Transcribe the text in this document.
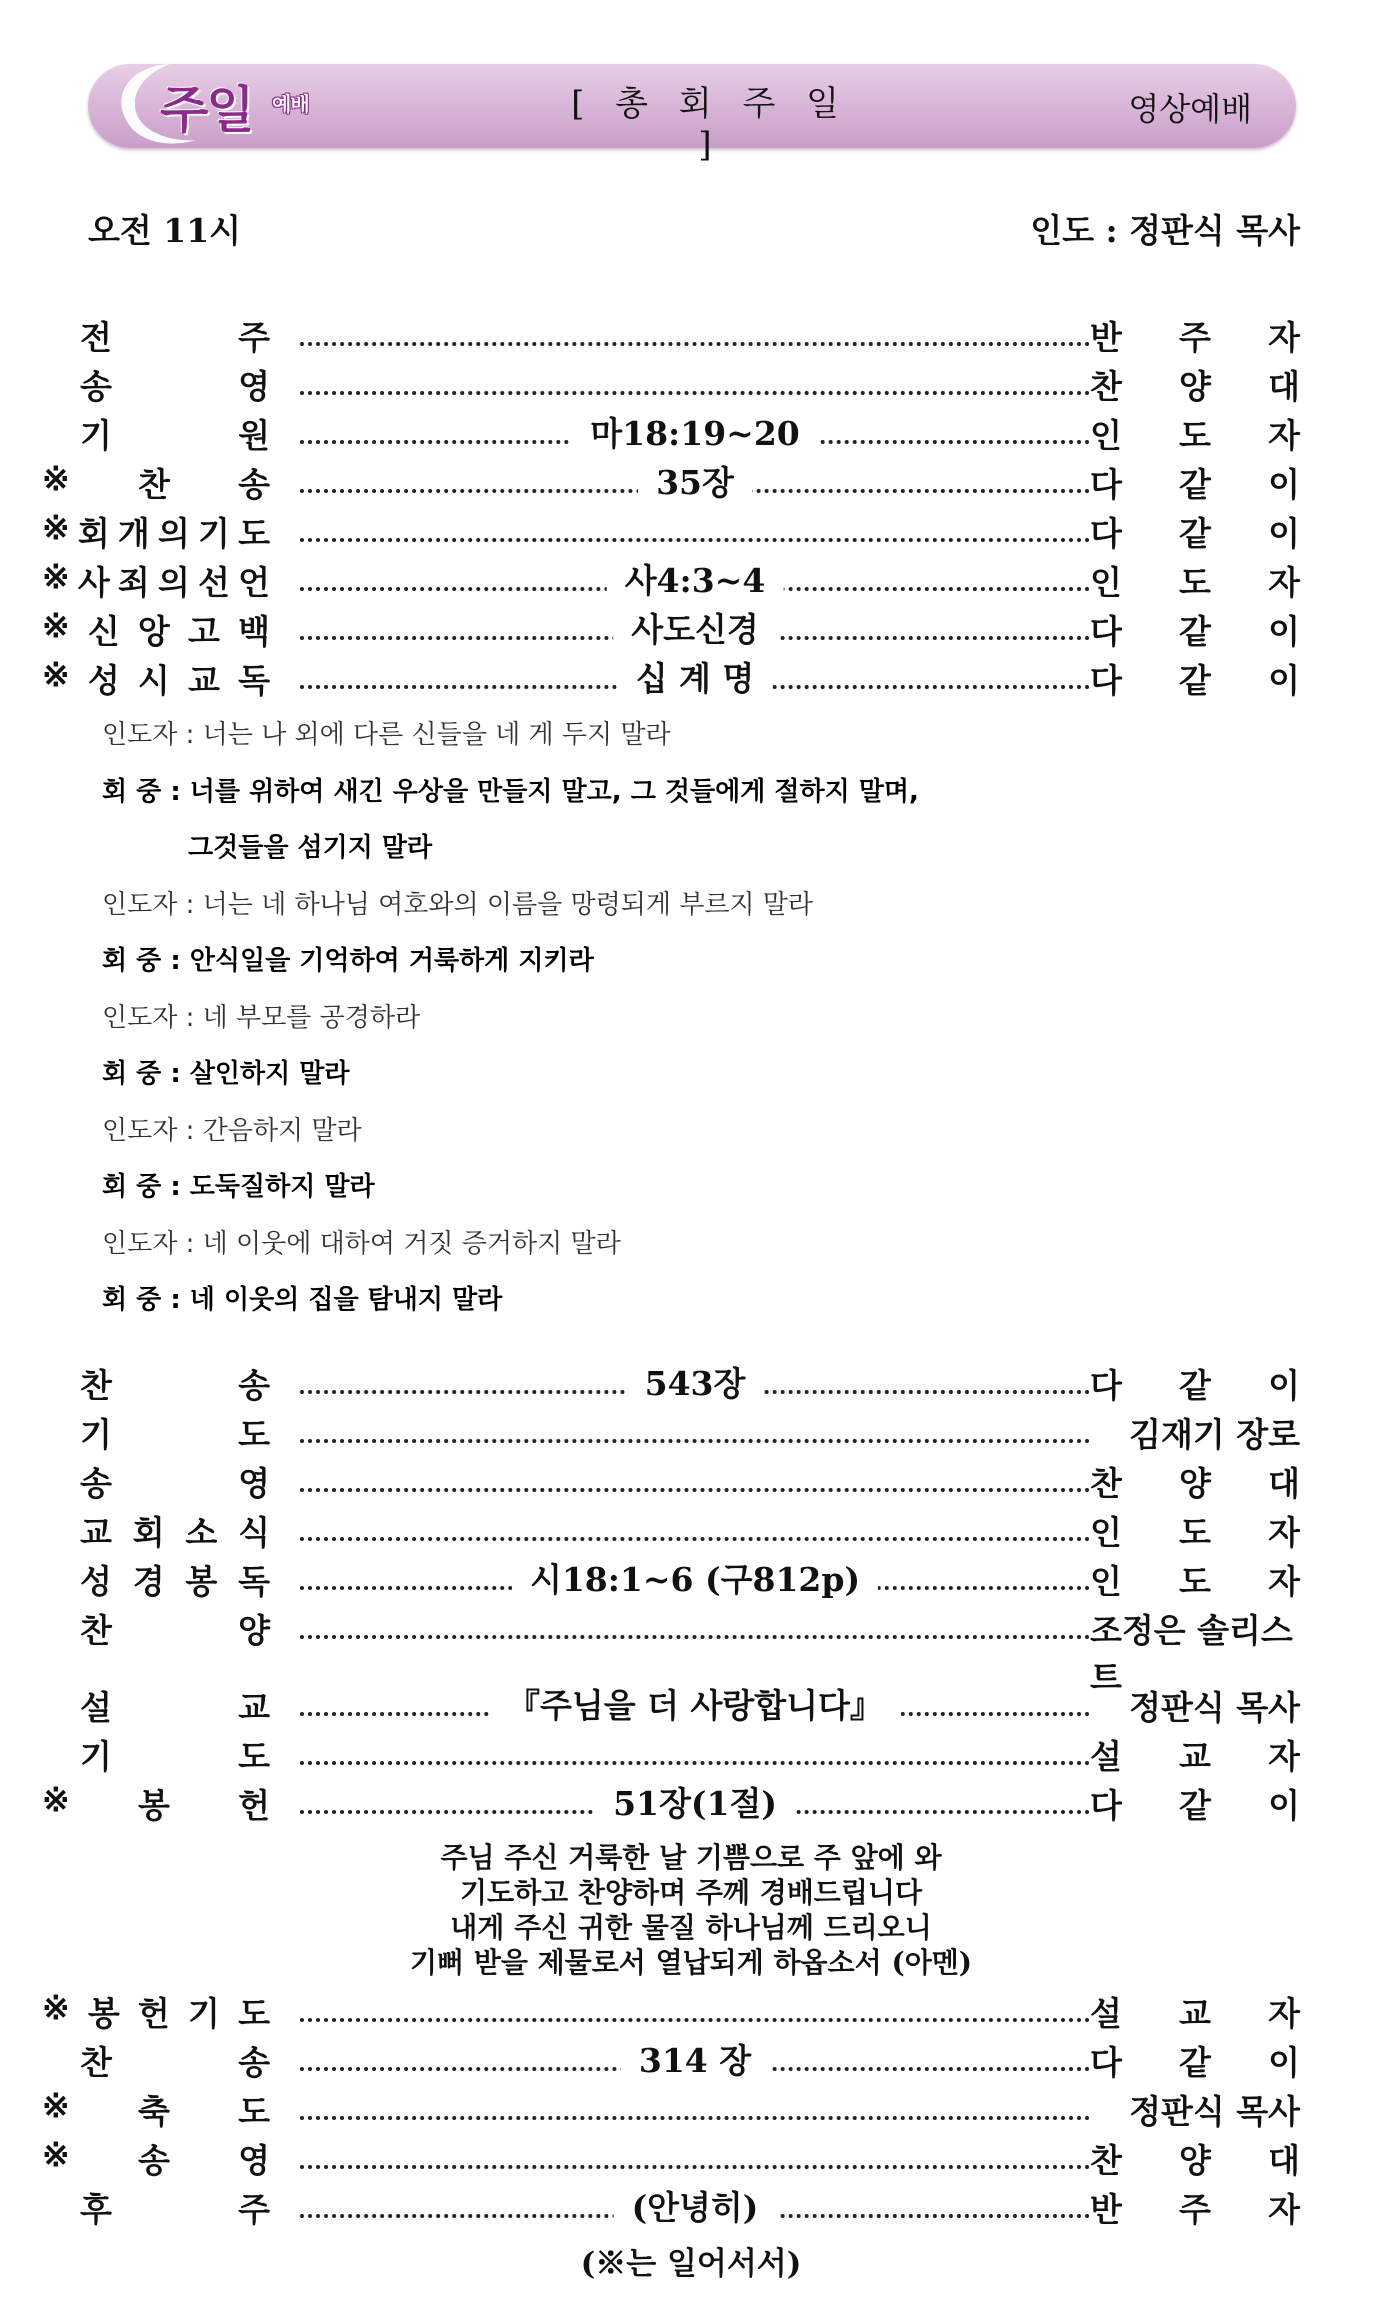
주일 예배	[ 총 회 주 일 ]
영상예배
오전 11시	인도 : 정판식 목사
전	주	반 주 자
송	영	찬 양 대
기	원	마18:19~20	인 도 자
※ 찬 송	35장	다 같 이
※ 회 개 의 기 도	다 같 이
※ 사 죄 의 선 언	사4:3~4	인 도 자
※ 신 앙 고 백	사도신경	다 같 이
※ 성 시 교 독	십 계 명	다 같 이
인도자 : 너는 나 외에 다른 신들을 네 게 두지 말라
회 중 : 너를 위하여 새긴 우상을 만들지 말고, 그 것들에게 절하지 말며,
그것들을 섬기지 말라
인도자 : 너는 네 하나님 여호와의 이름을 망령되게 부르지 말라
회 중 : 안식일을 기억하여 거룩하게 지키라
인도자 : 네 부모를 공경하라
회 중 : 살인하지 말라
인도자 : 간음하지 말라
회 중 : 도둑질하지 말라
인도자 : 네 이웃에 대하여 거짓 증거하지 말라
회 중 : 네 이웃의 집을 탐내지 말라
찬	송	543장	다 같 이
기	도	김재기 장로
송	영	찬 양 대
교 회 소 식	인 도 자
성 경 봉 독	시18:1~6 (구812p)	인 도 자
찬	양	조정은 솔리스트
설	교	『주님을 더 사랑합니다』	정판식 목사
기	도	설 교 자
※ 봉 헌	51장(1절)	다 같 이
주님 주신 거룩한 날 기쁨으로 주 앞에 와
기도하고 찬양하며 주께 경배드립니다
내게 주신 귀한 물질 하나님께 드리오니
기뻐 받을 제물로서 열납되게 하옵소서 (아멘)
※ 봉 헌 기 도	설 교 자
찬	송	314 장	다 같 이
※ 축 도	정판식 목사
※ 송 영	찬 양 대
후	주	(안녕히)	반 주 자
(※는 일어서서)
